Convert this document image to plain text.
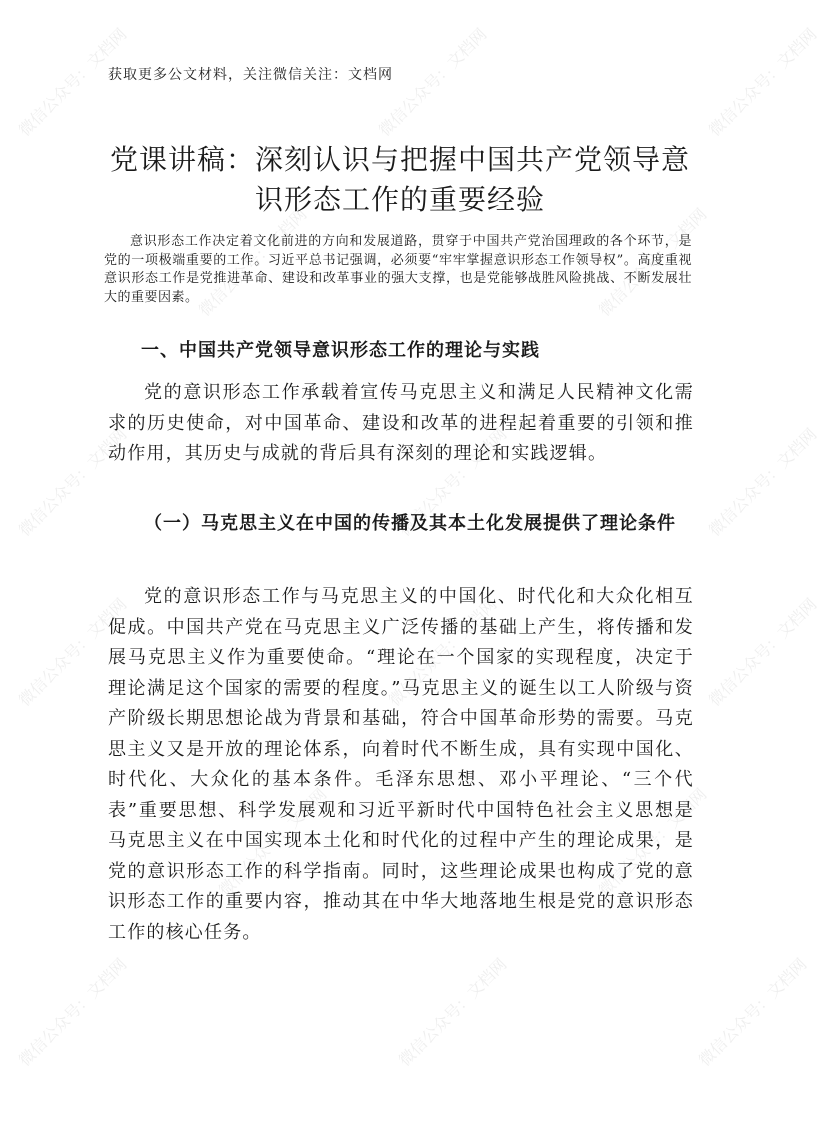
微信公众号：文档网	微信公众号：文档网	微信公众号：文档网
微信公众号：文档网	微信公众号：文档网
微信公众号：文档网	微信公众号：文档网	微信公众号：文档网
微信公众号：文档网	微信公众号：文档网	微信公众号：文档网
微信公众号：文档网	微信公众号：文档网
微信公众号：文档网	微信公众号：文档网	微信公众号：文档网
获取更多公文材料，关注微信关注：文档网
党课讲稿：深刻认识与把握中国共产党领导意识形态工作的重要经验

意识形态工作决定着文化前进的方向和发展道路，贯穿于中国共产党治国理政的各个环节，是党的一项极端重要的工作。习近平总书记强调，必须要“牢牢掌握意识形态工作领导权”。高度重视意识形态工作是党推进革命、建设和改革事业的强大支撑，也是党能够战胜风险挑战、不断发展壮大的重要因素。

一、中国共产党领导意识形态工作的理论与实践

党的意识形态工作承载着宣传马克思主义和满足人民精神文化需求的历史使命，对中国革命、建设和改革的进程起着重要的引领和推动作用，其历史与成就的背后具有深刻的理论和实践逻辑。

（一）马克思主义在中国的传播及其本土化发展提供了理论条件

党的意识形态工作与马克思主义的中国化、时代化和大众化相互促成。中国共产党在马克思主义广泛传播的基础上产生，将传播和发展马克思主义作为重要使命。“理论在一个国家的实现程度，决定于理论满足这个国家的需要的程度。”马克思主义的诞生以工人阶级与资产阶级长期思想论战为背景和基础，符合中国革命形势的需要。马克思主义又是开放的理论体系，向着时代不断生成，具有实现中国化、时代化、大众化的基本条件。毛泽东思想、邓小平理论、“三个代表”重要思想、科学发展观和习近平新时代中国特色社会主义思想是马克思主义在中国实现本土化和时代化的过程中产生的理论成果，是党的意识形态工作的科学指南。同时，这些理论成果也构成了党的意识形态工作的重要内容，推动其在中华大地落地生根是党的意识形态工作的核心任务。
